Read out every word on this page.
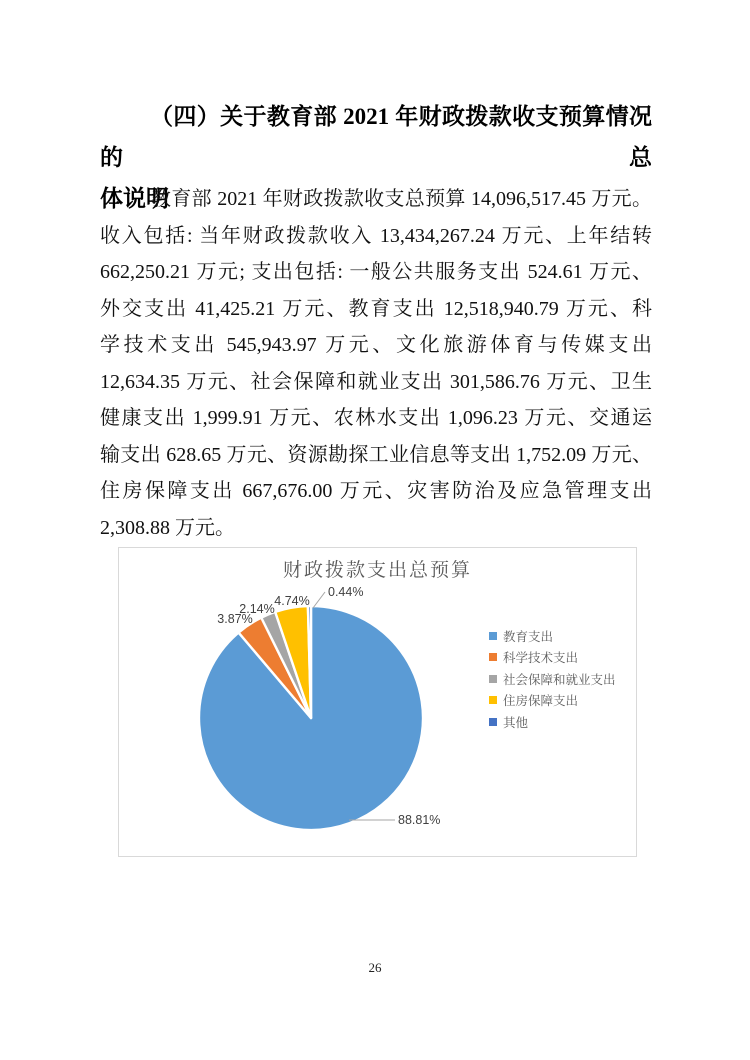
（四）关于教育部 2021 年财政拨款收支预算情况的总
体说明
教育部 2021 年财政拨款收支总预算 14,096,517.45 万元。
收入包括: 当年财政拨款收入 13,434,267.24 万元、上年结转
662,250.21 万元; 支出包括: 一般公共服务支出 524.61 万元、
外交支出 41,425.21 万元、教育支出 12,518,940.79 万元、科
学技术支出 545,943.97 万元、文化旅游体育与传媒支出
12,634.35 万元、社会保障和就业支出 301,586.76 万元、卫生
健康支出 1,999.91 万元、农林水支出 1,096.23 万元、交通运
输支出 628.65 万元、资源勘探工业信息等支出 1,752.09 万元、
住房保障支出 667,676.00 万元、灾害防治及应急管理支出
2,308.88 万元。
财政拨款支出总预算
88.81%
3.87%
2.14%
4.74%
0.44%
教育支出
科学技术支出
社会保障和就业支出
住房保障支出
其他
26
